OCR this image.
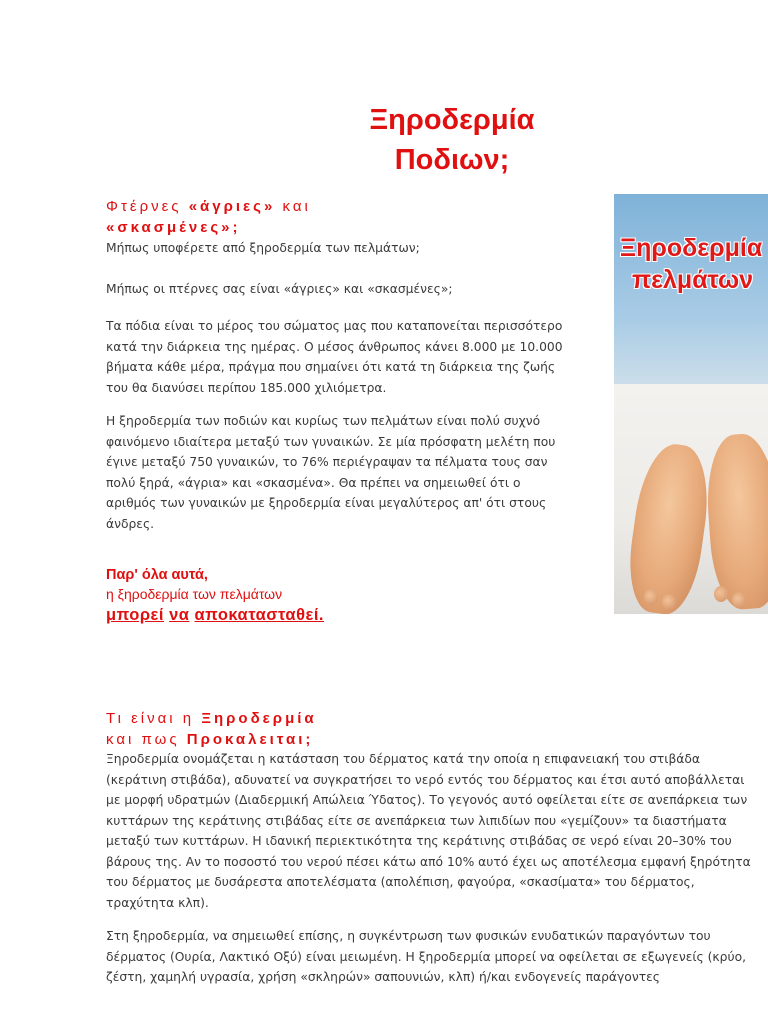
Ξηροδερμία
Ποδιων;
Φτέρνες «άγριες» και
«σκασμένες»;
Μήπως υποφέρετε από ξηροδερμία των πελμάτων;
Μήπως οι πτέρνες σας είναι «άγριες» και «σκασμένες»;
Τα πόδια είναι το μέρος του σώματος μας που καταπονείται περισσότερο
κατά την διάρκεια της ημέρας. Ο μέσος άνθρωπος κάνει 8.000 με 10.000
βήματα κάθε μέρα, πράγμα που σημαίνει ότι κατά τη διάρκεια της ζωής
του θα διανύσει περίπου 185.000 χιλιόμετρα.
Η ξηροδερμία των ποδιών και κυρίως των πελμάτων είναι πολύ συχνό
φαινόμενο ιδιαίτερα μεταξύ των γυναικών. Σε μία πρόσφατη μελέτη που
έγινε μεταξύ 750 γυναικών, το 76% περιέγραψαν τα πέλματα τους σαν
πολύ ξηρά, «άγρια» και «σκασμένα». Θα πρέπει να σημειωθεί ότι ο
αριθμός των γυναικών με ξηροδερμία είναι μεγαλύτερος απ' ότι στους
άνδρες.
Παρ' όλα αυτά,
η ξηροδερμία των πελμάτων
μπορεί να αποκατασταθεί.
Ξηροδερμία
πελμάτων
Τι είναι η Ξηροδερμία
και πως Προκαλειται;
Ξηροδερμία ονομάζεται η κατάσταση του δέρματος κατά την οποία η επιφανειακή του στιβάδα
(κεράτινη στιβάδα), αδυνατεί να συγκρατήσει το νερό εντός του δέρματος και έτσι αυτό αποβάλλεται
με μορφή υδρατμών (Διαδερμική Απώλεια Ύδατος). Το γεγονός αυτό οφείλεται είτε σε ανεπάρκεια των
κυττάρων της κεράτινης στιβάδας είτε σε ανεπάρκεια των λιπιδίων που «γεμίζουν» τα διαστήματα
μεταξύ των κυττάρων. Η ιδανική περιεκτικότητα της κεράτινης στιβάδας σε νερό είναι 20–30% του
βάρους της. Αν το ποσοστό του νερού πέσει κάτω από 10% αυτό έχει ως αποτέλεσμα εμφανή ξηρότητα
του δέρματος με δυσάρεστα αποτελέσματα (απολέπιση, φαγούρα, «σκασίματα» του δέρματος,
τραχύτητα κλπ).
Στη ξηροδερμία, να σημειωθεί επίσης, η συγκέντρωση των φυσικών ενυδατικών παραγόντων του
δέρματος (Ουρία, Λακτικό Οξύ) είναι μειωμένη. Η ξηροδερμία μπορεί να οφείλεται σε εξωγενείς (κρύο,
ζέστη, χαμηλή υγρασία, χρήση «σκληρών» σαπουνιών, κλπ) ή/και ενδογενείς παράγοντες
